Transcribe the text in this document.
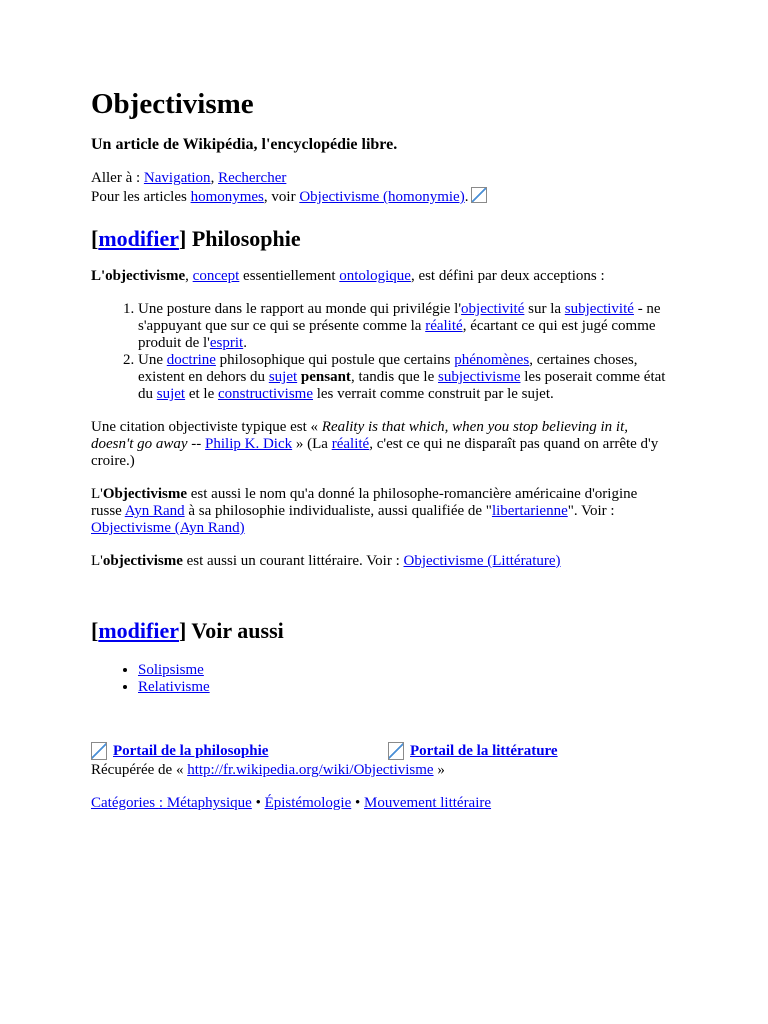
Objectivisme
Un article de Wikipédia, l'encyclopédie libre.

Aller à : Navigation, Rechercher

Pour les articles homonymes, voir Objectivisme (homonymie).

[modifier] Philosophie

L'objectivisme, concept essentiellement ontologique, est défini par deux acceptions :

1. Une posture dans le rapport au monde qui privilégie l'objectivité sur la subjectivité - ne s'appuyant que sur ce qui se présente comme la réalité, écartant ce qui est jugé comme produit de l'esprit.
2. Une doctrine philosophique qui postule que certains phénomènes, certaines choses, existent en dehors du sujet pensant, tandis que le subjectivisme les poserait comme état du sujet et le constructivisme les verrait comme construit par le sujet.

Une citation objectiviste typique est « Reality is that which, when you stop believing in it, doesn't go away -- Philip K. Dick » (La réalité, c'est ce qui ne disparaît pas quand on arrête d'y croire.)

L'Objectivisme est aussi le nom qu'a donné la philosophe-romancière américaine d'origine russe Ayn Rand à sa philosophie individualiste, aussi qualifiée de "libertarienne". Voir : Objectivisme (Ayn Rand)

L'objectivisme est aussi un courant littéraire. Voir : Objectivisme (Littérature)

[modifier] Voir aussi
• Solipsisme
• Relativisme
Portail de la philosophie	Portail de la littérature

Récupérée de « http://fr.wikipedia.org/wiki/Objectivisme »

Catégories : Métaphysique • Épistémologie • Mouvement littéraire
